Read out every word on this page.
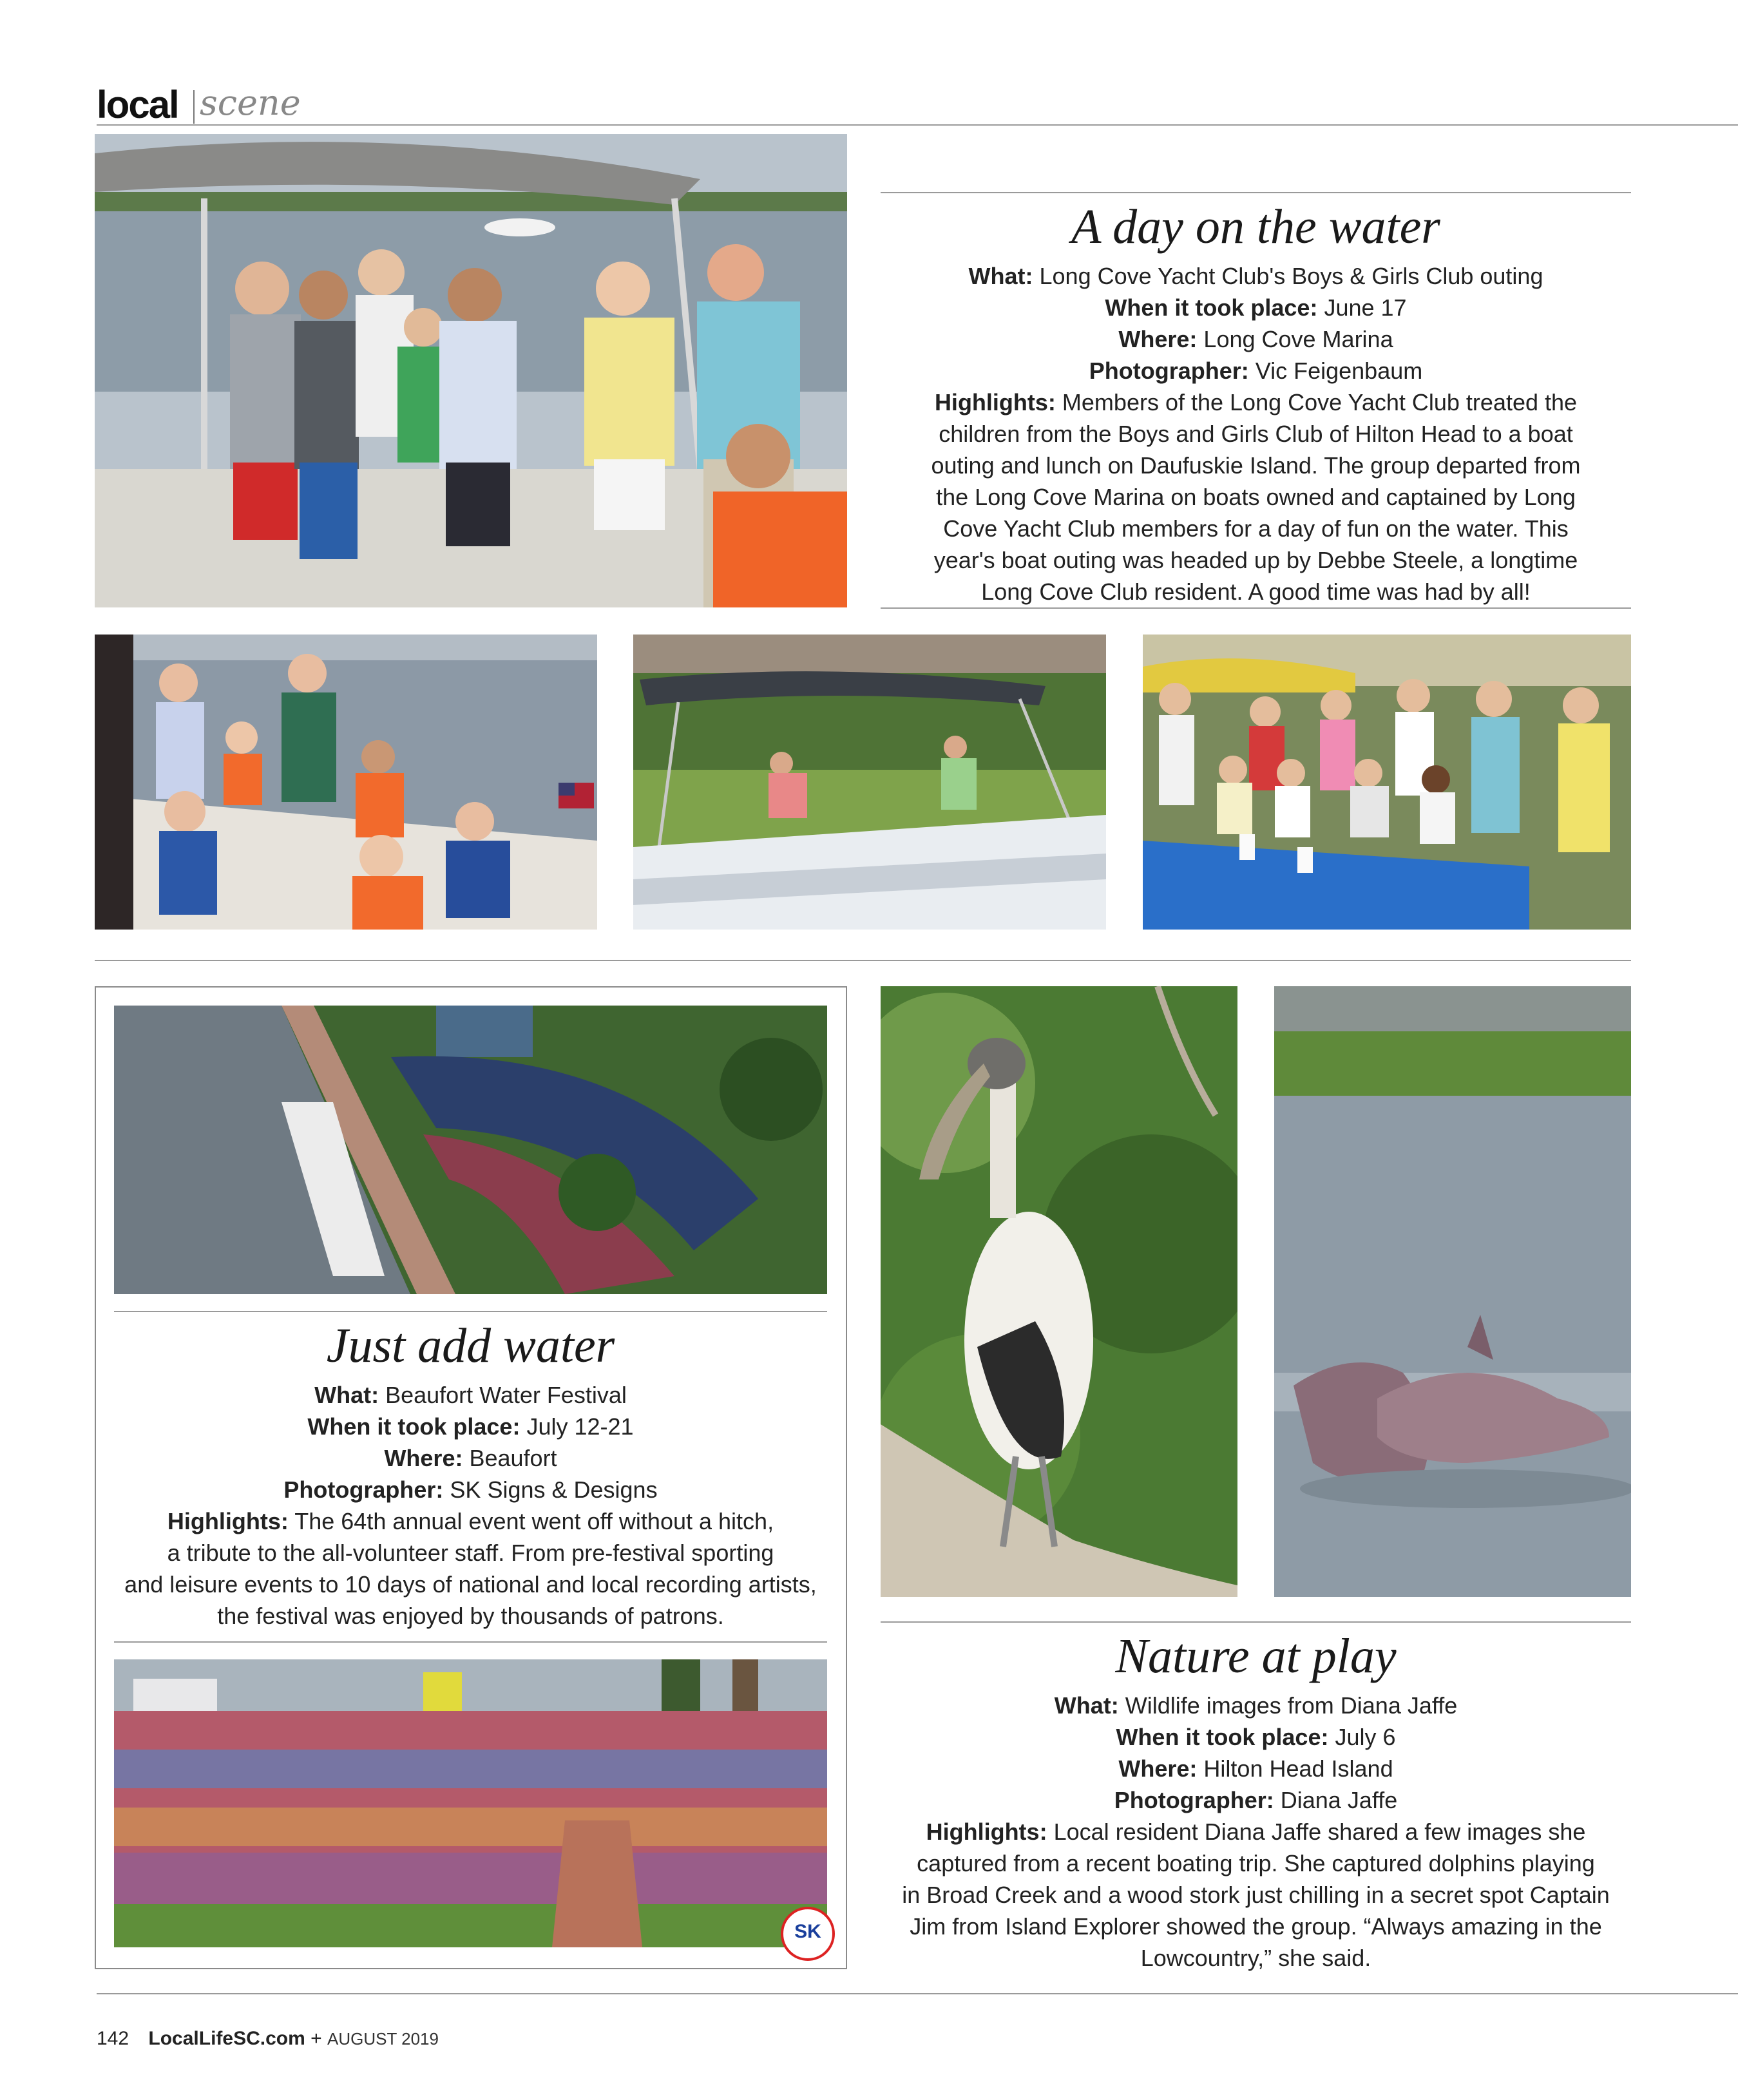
local scene
A day on the water
What: Long Cove Yacht Club's Boys & Girls Club outing
When it took place: June 17
Where: Long Cove Marina
Photographer: Vic Feigenbaum
Highlights: Members of the Long Cove Yacht Club treated the
children from the Boys and Girls Club of Hilton Head to a boat
outing and lunch on Daufuskie Island. The group departed from
the Long Cove Marina on boats owned and captained by Long
Cove Yacht Club members for a day of fun on the water. This
year's boat outing was headed up by Debbe Steele, a longtime
Long Cove Club resident. A good time was had by all!
Just add water
What: Beaufort Water Festival
When it took place: July 12-21
Where: Beaufort
Photographer: SK Signs & Designs
Highlights: The 64th annual event went off without a hitch,
a tribute to the all-volunteer staff. From pre-festival sporting
and leisure events to 10 days of national and local recording artists,
the festival was enjoyed by thousands of patrons.
SK
Nature at play
What: Wildlife images from Diana Jaffe
When it took place: July 6
Where: Hilton Head Island
Photographer: Diana Jaffe
Highlights: Local resident Diana Jaffe shared a few images she
captured from a recent boating trip. She captured dolphins playing
in Broad Creek and a wood stork just chilling in a secret spot Captain
Jim from Island Explorer showed the group. “Always amazing in the
Lowcountry,” she said.
142 LocalLifeSC.com + AUGUST 2019
